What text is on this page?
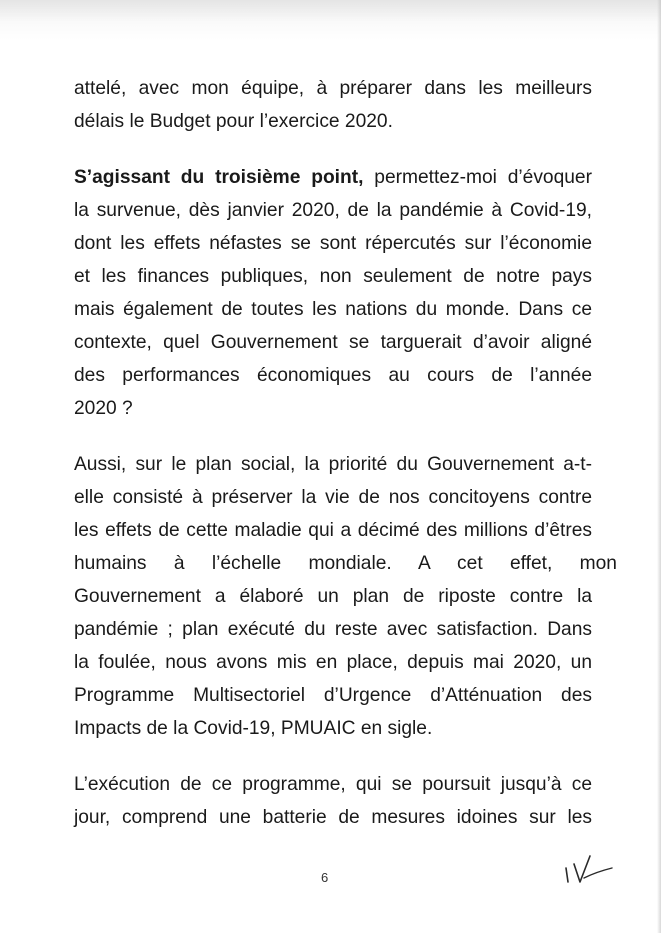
attelé, avec mon équipe, à préparer dans les meilleurs
délais le Budget pour l’exercice 2020.

S’agissant du troisième point, permettez-moi d’évoquer
la survenue, dès janvier 2020, de la pandémie à Covid-19,
dont les effets néfastes se sont répercutés sur l’économie
et les finances publiques, non seulement de notre pays
mais également de toutes les nations du monde. Dans ce
contexte, quel Gouvernement se targuerait d’avoir aligné
des performances économiques au cours de l’année
2020 ?

Aussi, sur le plan social, la priorité du Gouvernement a-t-
elle consisté à préserver la vie de nos concitoyens contre
les effets de cette maladie qui a décimé des millions d’êtres
humains à l’échelle mondiale. A cet effet, mon
Gouvernement a élaboré un plan de riposte contre la
pandémie ; plan exécuté du reste avec satisfaction. Dans
la foulée, nous avons mis en place, depuis mai 2020, un
Programme Multisectoriel d’Urgence d’Atténuation des
Impacts de la Covid-19, PMUAIC en sigle.

L’exécution de ce programme, qui se poursuit jusqu’à ce
jour, comprend une batterie de mesures idoines sur les

6
